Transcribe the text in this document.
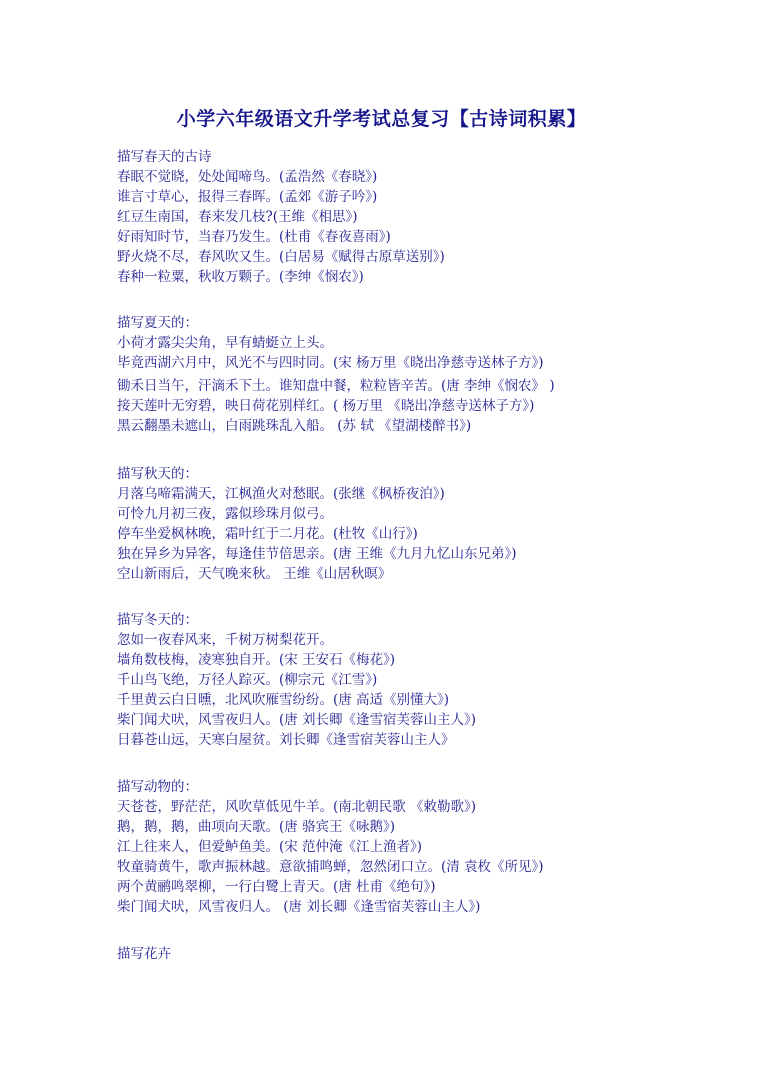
小学六年级语文升学考试总复习【古诗词积累】
描写春天的古诗
春眠不觉晓，处处闻啼鸟。(孟浩然《春晓》)
谁言寸草心，报得三春晖。(孟郊《游子吟》)
红豆生南国，春来发几枝?(王维《相思》)
好雨知时节，当春乃发生。(杜甫《春夜喜雨》)
野火烧不尽，春风吹又生。(白居易《赋得古原草送别》)
春种一粒粟，秋收万颗子。(李绅《悯农》)
描写夏天的：
小荷才露尖尖角，早有蜻蜓立上头。
毕竟西湖六月中，风光不与四时同。(宋 杨万里《晓出净慈寺送林子方》)
锄禾日当午，汗滴禾下土。谁知盘中餐，粒粒皆辛苦。(唐 李绅《悯农》 )
接天莲叶无穷碧，映日荷花别样红。( 杨万里 《晓出净慈寺送林子方》)
黑云翻墨未遮山，白雨跳珠乱入船。 (苏 轼 《望湖楼醉书》)
描写秋天的：
月落乌啼霜满天，江枫渔火对愁眠。(张继《枫桥夜泊》)
可怜九月初三夜，露似珍珠月似弓。
停车坐爱枫林晚，霜叶红于二月花。(杜牧《山行》)
独在异乡为异客，每逢佳节倍思亲。(唐 王维《九月九忆山东兄弟》)
空山新雨后，天气晚来秋。 王维《山居秋暝》
描写冬天的：
忽如一夜春风来，千树万树梨花开。
墙角数枝梅，凌寒独自开。(宋 王安石《梅花》)
千山鸟飞绝，万径人踪灭。(柳宗元《江雪》)
千里黄云白日曛，北风吹雁雪纷纷。(唐 高适《别懂大》)
柴门闻犬吠，风雪夜归人。(唐 刘长卿《逢雪宿芙蓉山主人》)
日暮苍山远，天寒白屋贫。刘长卿《逢雪宿芙蓉山主人》
描写动物的：
天苍苍，野茫茫，风吹草低见牛羊。(南北朝民歌 《敕勒歌》)
鹅，鹅，鹅，曲项向天歌。(唐 骆宾王《咏鹅》)
江上往来人，但爱鲈鱼美。(宋 范仲淹《江上渔者》)
牧童骑黄牛，歌声振林越。意欲捕鸣蝉，忽然闭口立。(清 袁枚《所见》)
两个黄鹂鸣翠柳，一行白鹭上青天。(唐 杜甫《绝句》)
柴门闻犬吠，风雪夜归人。 (唐 刘长卿《逢雪宿芙蓉山主人》)
描写花卉
